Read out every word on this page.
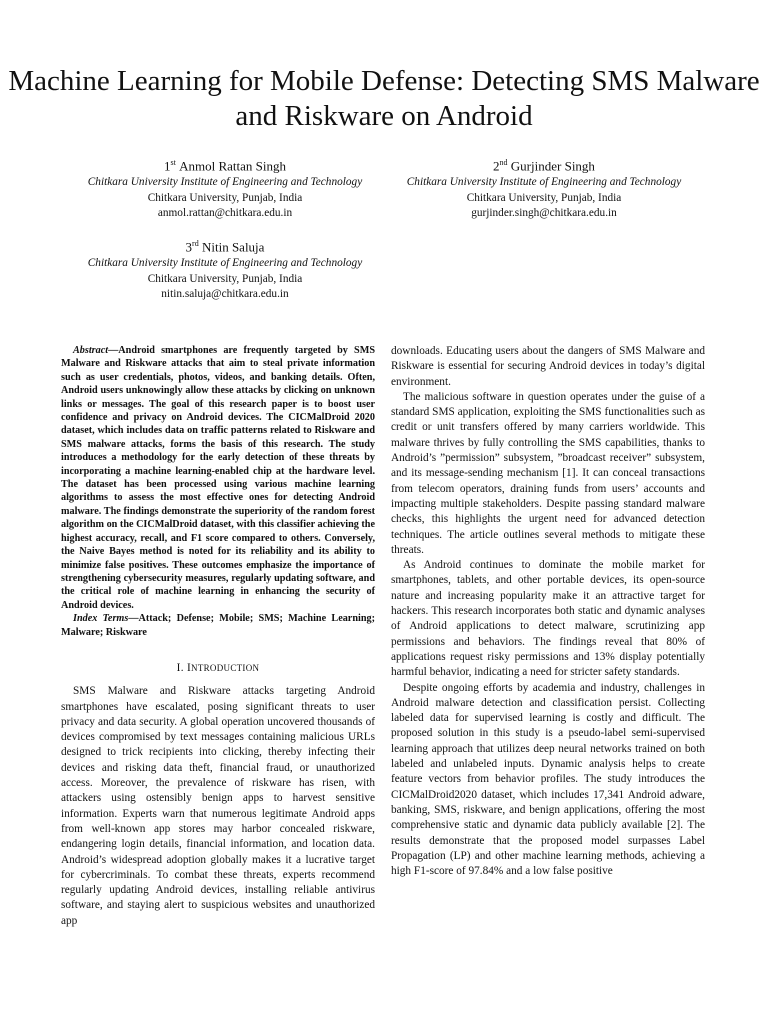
Machine Learning for Mobile Defense: Detecting SMS Malware and Riskware on Android
1st Anmol Rattan Singh
Chitkara University Institute of Engineering and Technology
Chitkara University, Punjab, India
anmol.rattan@chitkara.edu.in
2nd Gurjinder Singh
Chitkara University Institute of Engineering and Technology
Chitkara University, Punjab, India
gurjinder.singh@chitkara.edu.in
3rd Nitin Saluja
Chitkara University Institute of Engineering and Technology
Chitkara University, Punjab, India
nitin.saluja@chitkara.edu.in

Abstract—Android smartphones are frequently targeted by SMS Malware and Riskware attacks that aim to steal private information such as user credentials, photos, videos, and banking details. Often, Android users unknowingly allow these attacks by clicking on unknown links or messages. The goal of this research paper is to boost user confidence and privacy on Android devices. The CICMalDroid 2020 dataset, which includes data on traffic patterns related to Riskware and SMS malware attacks, forms the basis of this research. The study introduces a methodology for the early detection of these threats by incorporating a machine learning-enabled chip at the hardware level. The dataset has been processed using various machine learning algorithms to assess the most effective ones for detecting Android malware. The findings demonstrate the superiority of the random forest algorithm on the CICMalDroid dataset, with this classifier achieving the highest accuracy, recall, and F1 score compared to others. Conversely, the Naive Bayes method is noted for its reliability and its ability to minimize false positives. These outcomes emphasize the importance of strengthening cybersecurity measures, regularly updating software, and the critical role of machine learning in enhancing the security of Android devices.

Index Terms—Attack; Defense; Mobile; SMS; Machine Learning; Malware; Riskware

I. INTRODUCTION

SMS Malware and Riskware attacks targeting Android smartphones have escalated, posing significant threats to user privacy and data security. A global operation uncovered thousands of devices compromised by text messages containing malicious URLs designed to trick recipients into clicking, thereby infecting their devices and risking data theft, financial fraud, or unauthorized access. Moreover, the prevalence of riskware has risen, with attackers using ostensibly benign apps to harvest sensitive information. Experts warn that numerous legitimate Android apps from well-known app stores may harbor concealed riskware, endangering login details, financial information, and location data. Android’s widespread adoption globally makes it a lucrative target for cybercriminals. To combat these threats, experts recommend regularly updating Android devices, installing reliable antivirus software, and staying alert to suspicious websites and unauthorized app

downloads. Educating users about the dangers of SMS Malware and Riskware is essential for securing Android devices in today’s digital environment.

The malicious software in question operates under the guise of a standard SMS application, exploiting the SMS functionalities such as credit or unit transfers offered by many carriers worldwide. This malware thrives by fully controlling the SMS capabilities, thanks to Android’s ”permission” subsystem, ”broadcast receiver” subsystem, and its message-sending mechanism [1]. It can conceal transactions from telecom operators, draining funds from users’ accounts and impacting multiple stakeholders. Despite passing standard malware checks, this highlights the urgent need for advanced detection techniques. The article outlines several methods to mitigate these threats.

As Android continues to dominate the mobile market for smartphones, tablets, and other portable devices, its open-source nature and increasing popularity make it an attractive target for hackers. This research incorporates both static and dynamic analyses of Android applications to detect malware, scrutinizing app permissions and behaviors. The findings reveal that 80% of applications request risky permissions and 13% display potentially harmful behavior, indicating a need for stricter safety standards.

Despite ongoing efforts by academia and industry, challenges in Android malware detection and classification persist. Collecting labeled data for supervised learning is costly and difficult. The proposed solution in this study is a pseudo-label semi-supervised learning approach that utilizes deep neural networks trained on both labeled and unlabeled inputs. Dynamic analysis helps to create feature vectors from behavior profiles. The study introduces the CICMalDroid2020 dataset, which includes 17,341 Android adware, banking, SMS, riskware, and benign applications, offering the most comprehensive static and dynamic data publicly available [2]. The results demonstrate that the proposed model surpasses Label Propagation (LP) and other machine learning methods, achieving a high F1-score of 97.84% and a low false positive
